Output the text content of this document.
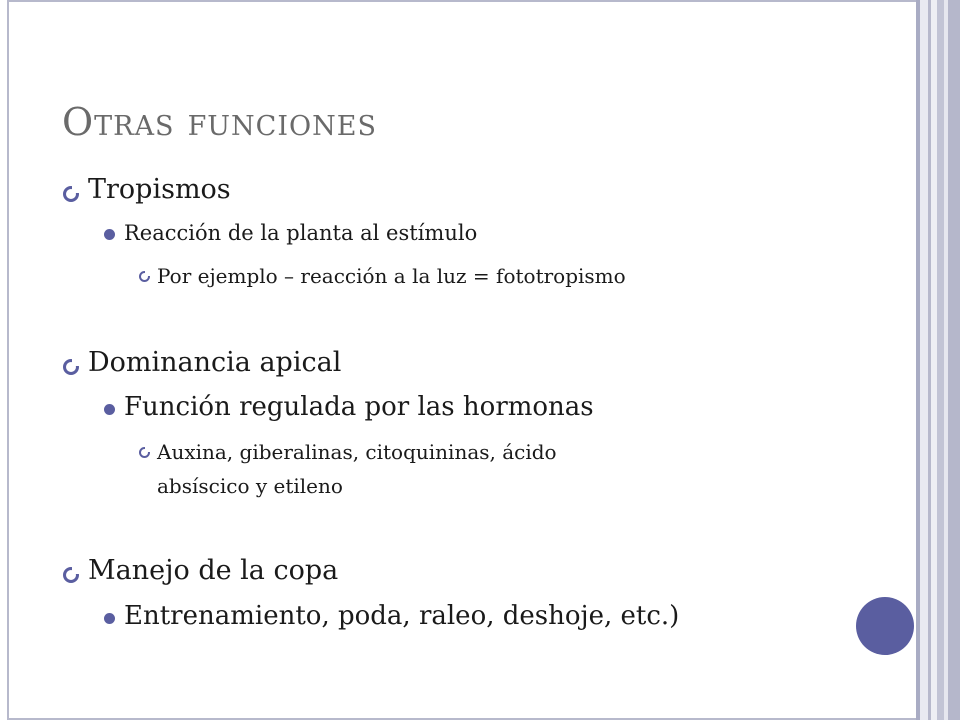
Otras funciones
Tropismos
Reacción de la planta al estímulo
Por ejemplo – reacción a la luz = fototropismo
Dominancia apical
Función regulada por las hormonas
Auxina, giberalinas, citoquininas, ácido
absíscico y etileno
Manejo de la copa
Entrenamiento, poda, raleo, deshoje, etc.)
